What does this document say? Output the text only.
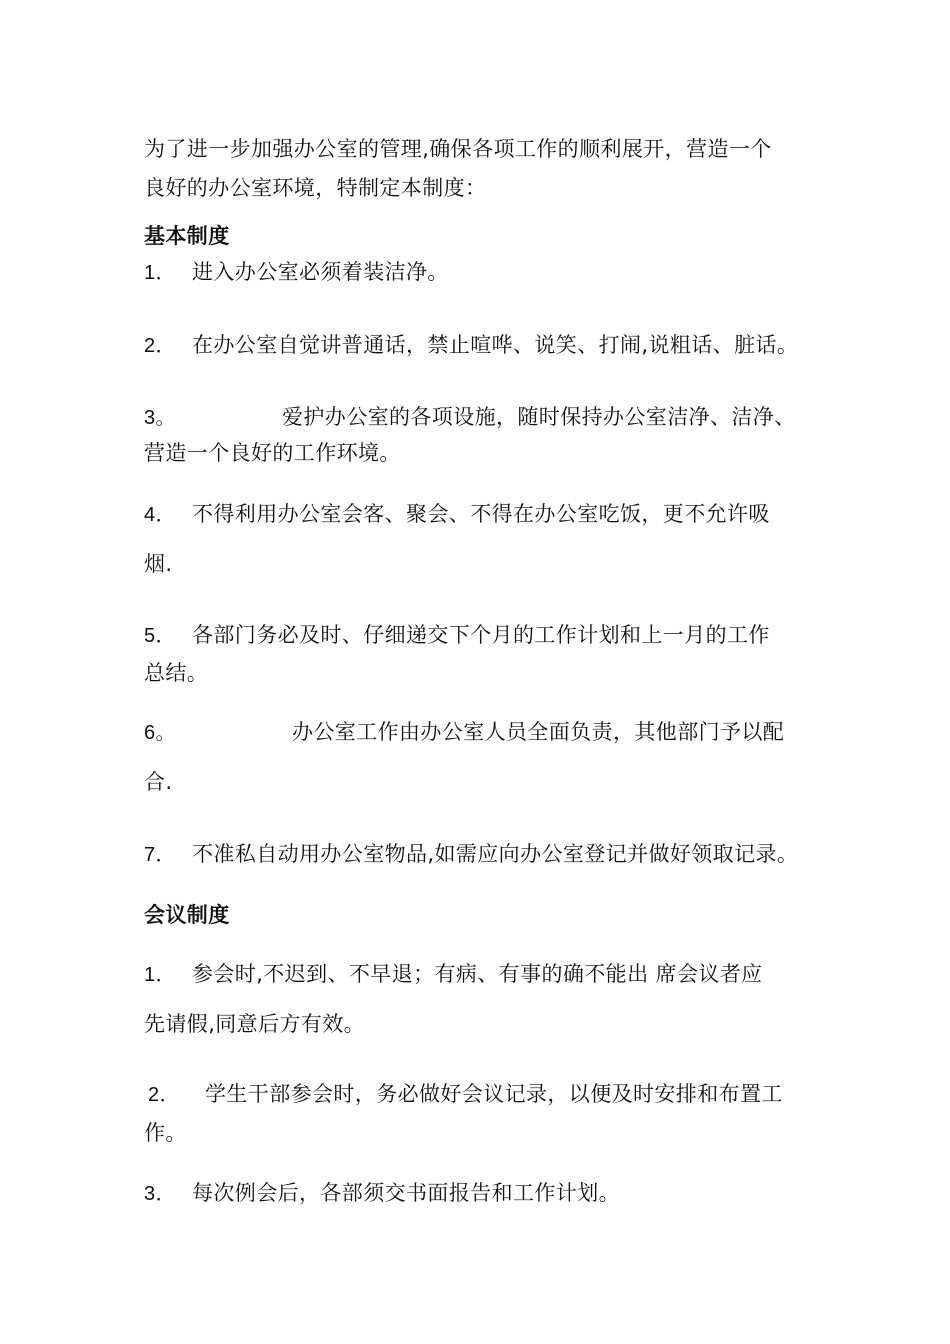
为了进一步加强办公室的管理,确保各项工作的顺利展开，营造一个
良好的办公室环境，特制定本制度：
基本制度
1． 进入办公室必须着装洁净。
2． 在办公室自觉讲普通话，禁止喧哗、说笑、打闹,说粗话、脏话。
3。	爱护办公室的各项设施，随时保持办公室洁净、洁净、
营造一个良好的工作环境。
4． 不得利用办公室会客、聚会、不得在办公室吃饭，更不允许吸
烟.
5． 各部门务必及时、仔细递交下个月的工作计划和上一月的工作
总结。
6。	办公室工作由办公室人员全面负责，其他部门予以配
合.
7． 不准私自动用办公室物品,如需应向办公室登记并做好领取记录。
会议制度
1． 参会时,不迟到、不早退；有病、有事的确不能出 席会议者应
先请假,同意后方有效。
2． 学生干部参会时，务必做好会议记录，以便及时安排和布置工
作。
3． 每次例会后，各部须交书面报告和工作计划。
